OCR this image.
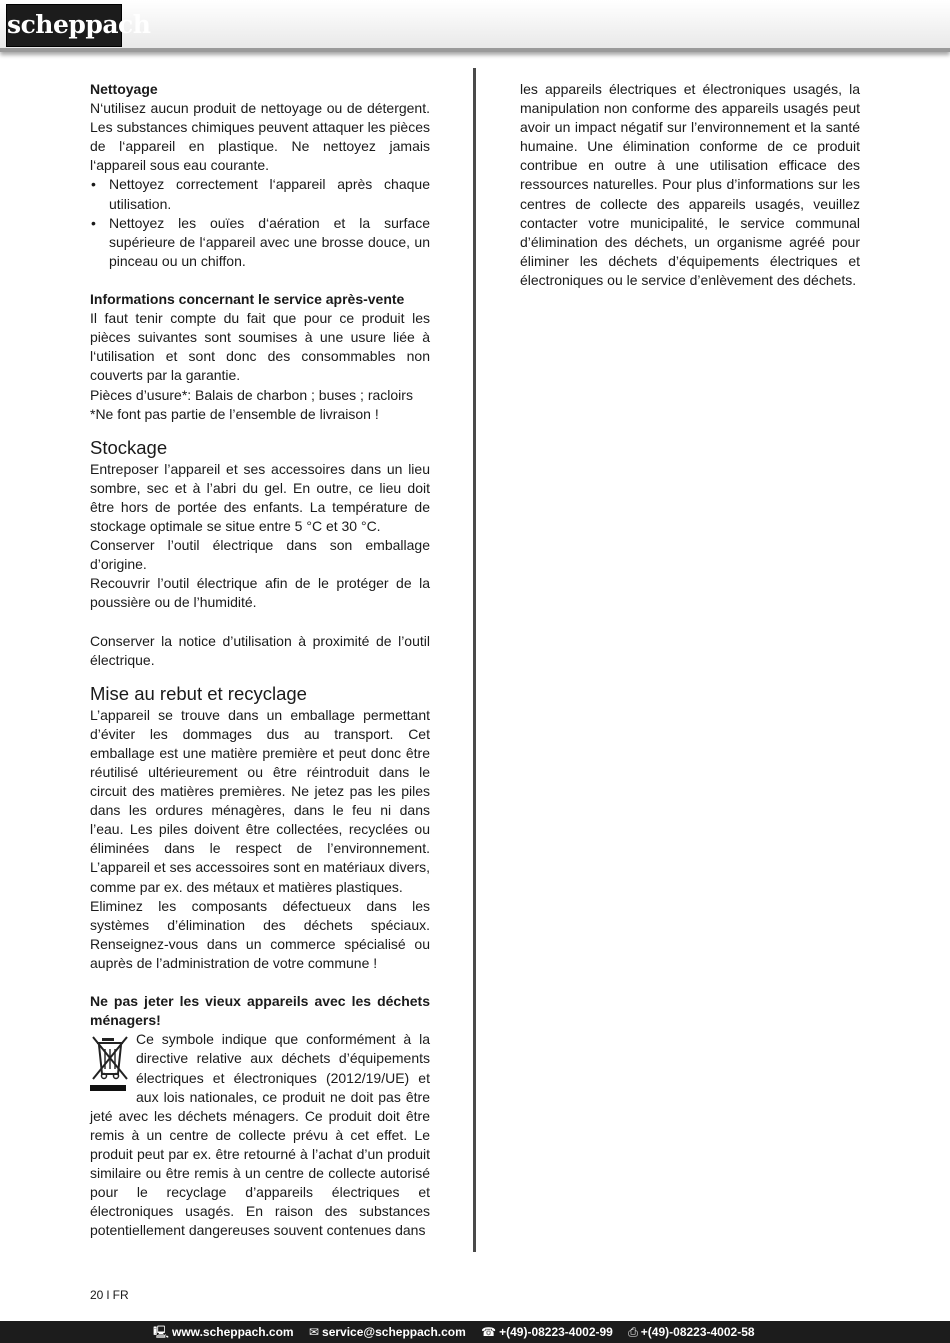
scheppach

Nettoyage

N‘utilisez aucun produit de nettoyage ou de détergent. Les substances chimiques peuvent attaquer les pièces de l‘appareil en plastique. Ne nettoyez jamais l‘appareil sous eau courante.

• Nettoyez correctement l‘appareil après chaque utilisation.
• Nettoyez les ouïes d‘aération et la surface supérieure de l‘appareil avec une brosse douce, un pinceau ou un chiffon.

Informations concernant le service après-vente

Il faut tenir compte du fait que pour ce produit les pièces suivantes sont soumises à une usure liée à l‘utilisation et sont donc des consommables non couverts par la garantie.

Pièces d’usure*: Balais de charbon ; buses ; racloirs

*Ne font pas partie de l’ensemble de livraison !

Stockage

Entreposer l’appareil et ses accessoires dans un lieu sombre, sec et à l’abri du gel. En outre, ce lieu doit être hors de portée des enfants. La température de stockage optimale se situe entre 5 °C et 30 °C.

Conserver l’outil électrique dans son emballage d’origine.

Recouvrir l’outil électrique afin de le protéger de la poussière ou de l’humidité.

Conserver la notice d’utilisation à proximité de l’outil électrique.

Mise au rebut et recyclage

L’appareil se trouve dans un emballage permettant d’éviter les dommages dus au transport. Cet emballage est une matière première et peut donc être réutilisé ultérieurement ou être réintroduit dans le circuit des matières premières. Ne jetez pas les piles dans les ordures ménagères, dans le feu ni dans l’eau. Les piles doivent être collectées, recyclées ou éliminées dans le respect de l’environnement. L’appareil et ses accessoires sont en matériaux divers, comme par ex. des métaux et matières plastiques.

Eliminez les composants défectueux dans les systèmes d’élimination des déchets spéciaux. Renseignez-vous dans un commerce spécialisé ou auprès de l’administration de votre commune !

Ne pas jeter les vieux appareils avec les déchets ménagers!

Ce symbole indique que conformément à la directive relative aux déchets d’équipements électriques et électroniques (2012/19/UE) et aux lois nationales, ce produit ne doit pas être jeté avec les déchets ménagers. Ce produit doit être remis à un centre de collecte prévu à cet effet. Le produit peut par ex. être retourné à l’achat d’un produit similaire ou être remis à un centre de collecte autorisé pour le recyclage d’appareils électriques et électroniques usagés. En raison des substances potentiellement dangereuses souvent contenues dans

les appareils électriques et électroniques usagés, la manipulation non conforme des appareils usagés peut avoir un impact négatif sur l’environnement et la santé humaine. Une élimination conforme de ce produit contribue en outre à une utilisation efficace des ressources naturelles. Pour plus d’informations sur les centres de collecte des appareils usagés, veuillez contacter votre municipalité, le service communal d’élimination des déchets, un organisme agréé pour éliminer les déchets d’équipements électriques et électroniques ou le service d’enlèvement des déchets.

20 l FR
🖳 www.scheppach.com ✉ service@scheppach.com ☎ +(49)-08223-4002-99 ⎙ +(49)-08223-4002-58
